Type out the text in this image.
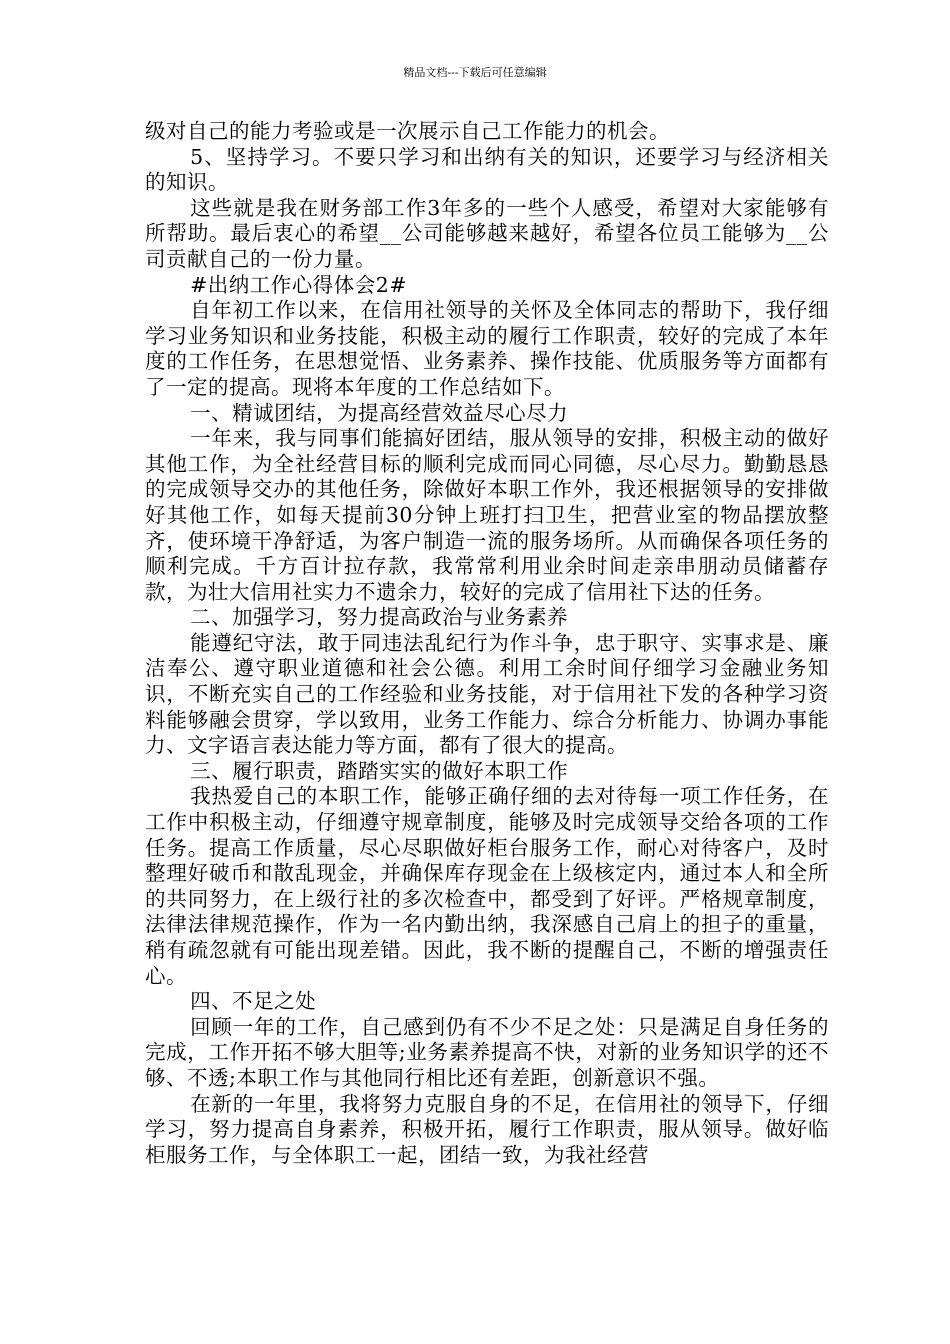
精品文档---下载后可任意编辑

级对自己的能力考验或是一次展示自己工作能力的机会。

5、坚持学习。不要只学习和出纳有关的知识，还要学习与经济相关的知识。

这些就是我在财务部工作3年多的一些个人感受，希望对大家能够有所帮助。最后衷心的希望__公司能够越来越好，希望各位员工能够为__公司贡献自己的一份力量。

#出纳工作心得体会2#

自年初工作以来，在信用社领导的关怀及全体同志的帮助下，我仔细学习业务知识和业务技能，积极主动的履行工作职责，较好的完成了本年度的工作任务，在思想觉悟、业务素养、操作技能、优质服务等方面都有了一定的提高。现将本年度的工作总结如下。

一、精诚团结，为提高经营效益尽心尽力

一年来，我与同事们能搞好团结，服从领导的安排，积极主动的做好其他工作，为全社经营目标的顺利完成而同心同德，尽心尽力。勤勤恳恳的完成领导交办的其他任务，除做好本职工作外，我还根据领导的安排做好其他工作，如每天提前30分钟上班打扫卫生，把营业室的物品摆放整齐，使环境干净舒适，为客户制造一流的服务场所。从而确保各项任务的顺利完成。千方百计拉存款，我常常利用业余时间走亲串朋动员储蓄存款，为壮大信用社实力不遗余力，较好的完成了信用社下达的任务。

二、加强学习，努力提高政治与业务素养

能遵纪守法，敢于同违法乱纪行为作斗争，忠于职守、实事求是、廉洁奉公、遵守职业道德和社会公德。利用工余时间仔细学习金融业务知识，不断充实自己的工作经验和业务技能，对于信用社下发的各种学习资料能够融会贯穿，学以致用，业务工作能力、综合分析能力、协调办事能力、文字语言表达能力等方面，都有了很大的提高。

三、履行职责，踏踏实实的做好本职工作

我热爱自己的本职工作，能够正确仔细的去对待每一项工作任务，在工作中积极主动，仔细遵守规章制度，能够及时完成领导交给各项的工作任务。提高工作质量，尽心尽职做好柜台服务工作，耐心对待客户，及时整理好破币和散乱现金，并确保库存现金在上级核定内，通过本人和全所的共同努力，在上级行社的多次检查中，都受到了好评。严格规章制度，法律法律规范操作，作为一名内勤出纳，我深感自己肩上的担子的重量，稍有疏忽就有可能出现差错。因此，我不断的提醒自己，不断的增强责任心。

四、不足之处

回顾一年的工作，自己感到仍有不少不足之处：只是满足自身任务的完成，工作开拓不够大胆等;业务素养提高不快，对新的业务知识学的还不够、不透;本职工作与其他同行相比还有差距，创新意识不强。

在新的一年里，我将努力克服自身的不足，在信用社的领导下，仔细学习，努力提高自身素养，积极开拓，履行工作职责，服从领导。做好临柜服务工作，与全体职工一起，团结一致，为我社经营
